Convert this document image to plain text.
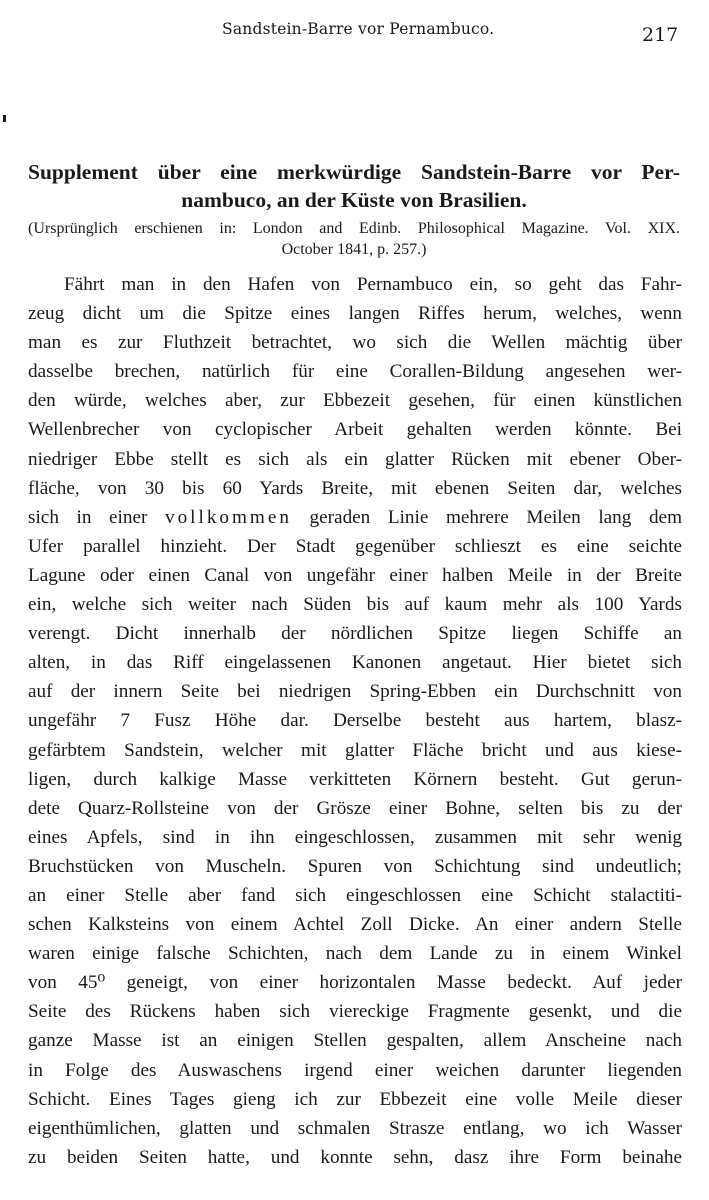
Sandstein-Barre vor Pernambuco.	217
Supplement über eine merkwürdige Sandstein-Barre vor Per-
nambuco, an der Küste von Brasilien.
(Ursprünglich erschienen in: London and Edinb. Philosophical Magazine. Vol. XIX.
October 1841, p. 257.)
Fährt man in den Hafen von Pernambuco ein, so geht das Fahr-
zeug dicht um die Spitze eines langen Riffes herum, welches, wenn
man es zur Fluthzeit betrachtet, wo sich die Wellen mächtig über
dasselbe brechen, natürlich für eine Corallen-Bildung angesehen wer-
den würde, welches aber, zur Ebbezeit gesehen, für einen künstlichen
Wellenbrecher von cyclopischer Arbeit gehalten werden könnte. Bei
niedriger Ebbe stellt es sich als ein glatter Rücken mit ebener Ober-
fläche, von 30 bis 60 Yards Breite, mit ebenen Seiten dar, welches
sich in einer vollkommen geraden Linie mehrere Meilen lang dem
Ufer parallel hinzieht. Der Stadt gegenüber schlieszt es eine seichte
Lagune oder einen Canal von ungefähr einer halben Meile in der Breite
ein, welche sich weiter nach Süden bis auf kaum mehr als 100 Yards
verengt. Dicht innerhalb der nördlichen Spitze liegen Schiffe an
alten, in das Riff eingelassenen Kanonen angetaut. Hier bietet sich
auf der innern Seite bei niedrigen Spring-Ebben ein Durchschnitt von
ungefähr 7 Fusz Höhe dar. Derselbe besteht aus hartem, blasz-
gefärbtem Sandstein, welcher mit glatter Fläche bricht und aus kiese-
ligen, durch kalkige Masse verkitteten Körnern besteht. Gut gerun-
dete Quarz-Rollsteine von der Grösze einer Bohne, selten bis zu der
eines Apfels, sind in ihn eingeschlossen, zusammen mit sehr wenig
Bruchstücken von Muscheln. Spuren von Schichtung sind undeutlich;
an einer Stelle aber fand sich eingeschlossen eine Schicht stalactiti-
schen Kalksteins von einem Achtel Zoll Dicke. An einer andern Stelle
waren einige falsche Schichten, nach dem Lande zu in einem Winkel
von 45⁰ geneigt, von einer horizontalen Masse bedeckt. Auf jeder
Seite des Rückens haben sich viereckige Fragmente gesenkt, und die
ganze Masse ist an einigen Stellen gespalten, allem Anscheine nach
in Folge des Auswaschens irgend einer weichen darunter liegenden
Schicht. Eines Tages gieng ich zur Ebbezeit eine volle Meile dieser
eigenthümlichen, glatten und schmalen Strasze entlang, wo ich Wasser
zu beiden Seiten hatte, und konnte sehn, dasz ihre Form beinahe
